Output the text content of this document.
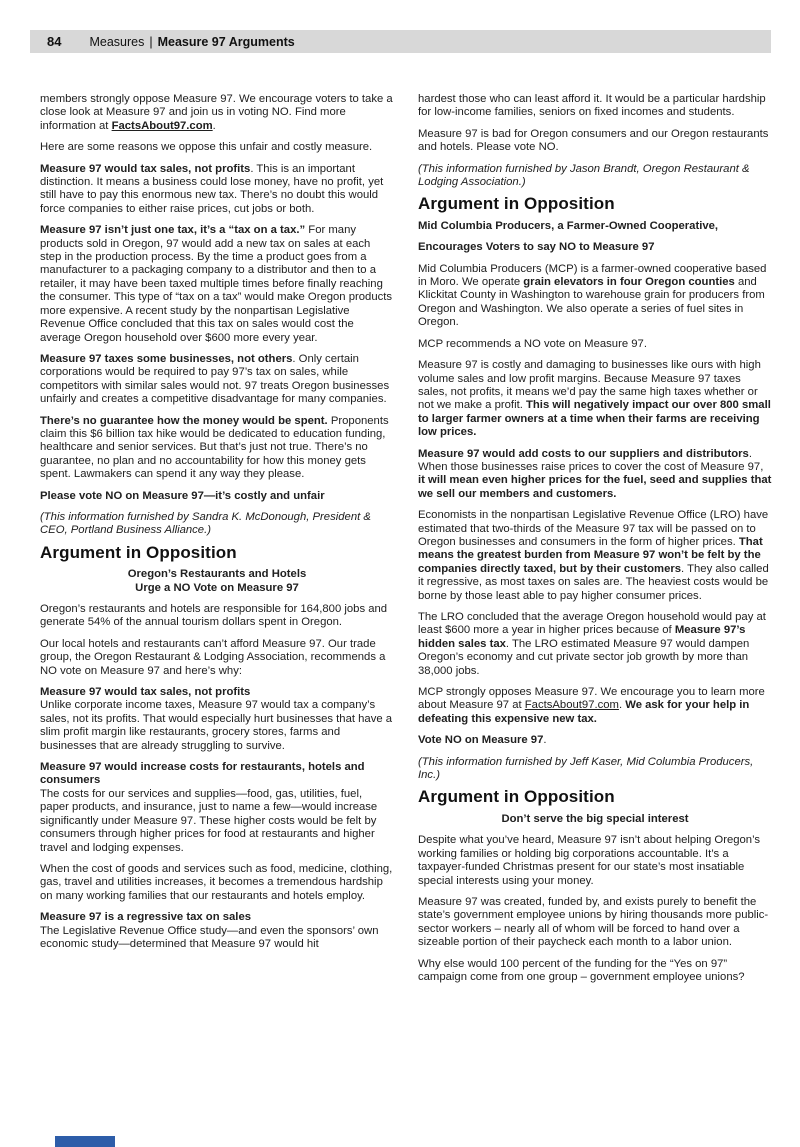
84 Measures | Measure 97 Arguments

members strongly oppose Measure 97. We encourage voters to take a close look at Measure 97 and join us in voting NO. Find more information at FactsAbout97.com.

Here are some reasons we oppose this unfair and costly measure.

Measure 97 would tax sales, not profits. This is an important distinction. It means a business could lose money, have no profit, yet still have to pay this enormous new tax. There’s no doubt this would force companies to either raise prices, cut jobs or both.

Measure 97 isn’t just one tax, it’s a “tax on a tax.” For many products sold in Oregon, 97 would add a new tax on sales at each step in the production process. By the time a product goes from a manufacturer to a packaging company to a distributor and then to a retailer, it may have been taxed multiple times before finally reaching the consumer. This type of “tax on a tax” would make Oregon products more expensive. A recent study by the nonpartisan Legislative Revenue Office concluded that this tax on sales would cost the average Oregon household over $600 more every year.

Measure 97 taxes some businesses, not others. Only certain corporations would be required to pay 97’s tax on sales, while competitors with similar sales would not. 97 treats Oregon businesses unfairly and creates a competitive disadvantage for many companies.

There’s no guarantee how the money would be spent. Proponents claim this $6 billion tax hike would be dedicated to education funding, healthcare and senior services. But that’s just not true. There’s no guarantee, no plan and no accountability for how this money gets spent. Lawmakers can spend it any way they please.

Please vote NO on Measure 97—it’s costly and unfair

(This information furnished by Sandra K. McDonough, President & CEO, Portland Business Alliance.)

Argument in Opposition

Oregon’s Restaurants and Hotels
Urge a NO Vote on Measure 97

Oregon’s restaurants and hotels are responsible for 164,800 jobs and generate 54% of the annual tourism dollars spent in Oregon.

Our local hotels and restaurants can’t afford Measure 97. Our trade group, the Oregon Restaurant & Lodging Association, recommends a NO vote on Measure 97 and here’s why:

Measure 97 would tax sales, not profits
Unlike corporate income taxes, Measure 97 would tax a company’s sales, not its profits. That would especially hurt businesses that have a slim profit margin like restaurants, grocery stores, farms and businesses that are already struggling to survive.

Measure 97 would increase costs for restaurants, hotels and consumers
The costs for our services and supplies—food, gas, utilities, fuel, paper products, and insurance, just to name a few—would increase significantly under Measure 97. These higher costs would be felt by consumers through higher prices for food at restaurants and higher travel and lodging expenses.

When the cost of goods and services such as food, medicine, clothing, gas, travel and utilities increases, it becomes a tremendous hardship on many working families that our restaurants and hotels employ.

Measure 97 is a regressive tax on sales
The Legislative Revenue Office study—and even the sponsors’ own economic study—determined that Measure 97 would hit

hardest those who can least afford it. It would be a particular hardship for low-income families, seniors on fixed incomes and students.

Measure 97 is bad for Oregon consumers and our Oregon restaurants and hotels. Please vote NO.

(This information furnished by Jason Brandt, Oregon Restaurant & Lodging Association.)

Argument in Opposition

Mid Columbia Producers, a Farmer-Owned Cooperative,

Encourages Voters to say NO to Measure 97

Mid Columbia Producers (MCP) is a farmer-owned cooperative based in Moro. We operate grain elevators in four Oregon counties and Klickitat County in Washington to warehouse grain for producers from Oregon and Washington. We also operate a series of fuel sites in Oregon.

MCP recommends a NO vote on Measure 97.

Measure 97 is costly and damaging to businesses like ours with high volume sales and low profit margins. Because Measure 97 taxes sales, not profits, it means we’d pay the same high taxes whether or not we make a profit. This will negatively impact our over 800 small to larger farmer owners at a time when their farms are receiving low prices.

Measure 97 would add costs to our suppliers and distributors. When those businesses raise prices to cover the cost of Measure 97, it will mean even higher prices for the fuel, seed and supplies that we sell our members and customers.

Economists in the nonpartisan Legislative Revenue Office (LRO) have estimated that two-thirds of the Measure 97 tax will be passed on to Oregon businesses and consumers in the form of higher prices. That means the greatest burden from Measure 97 won’t be felt by the companies directly taxed, but by their customers. They also called it regressive, as most taxes on sales are. The heaviest costs would be borne by those least able to pay higher consumer prices.

The LRO concluded that the average Oregon household would pay at least $600 more a year in higher prices because of Measure 97’s hidden sales tax. The LRO estimated Measure 97 would dampen Oregon’s economy and cut private sector job growth by more than 38,000 jobs.

MCP strongly opposes Measure 97. We encourage you to learn more about Measure 97 at FactsAbout97.com. We ask for your help in defeating this expensive new tax.

Vote NO on Measure 97.

(This information furnished by Jeff Kaser, Mid Columbia Producers, Inc.)

Argument in Opposition

Don’t serve the big special interest

Despite what you’ve heard, Measure 97 isn’t about helping Oregon’s working families or holding big corporations accountable. It’s a taxpayer-funded Christmas present for our state’s most insatiable special interests using your money.

Measure 97 was created, funded by, and exists purely to benefit the state’s government employee unions by hiring thousands more public-sector workers – nearly all of whom will be forced to hand over a sizeable portion of their paycheck each month to a labor union.

Why else would 100 percent of the funding for the “Yes on 97” campaign come from one group – government employee unions?
